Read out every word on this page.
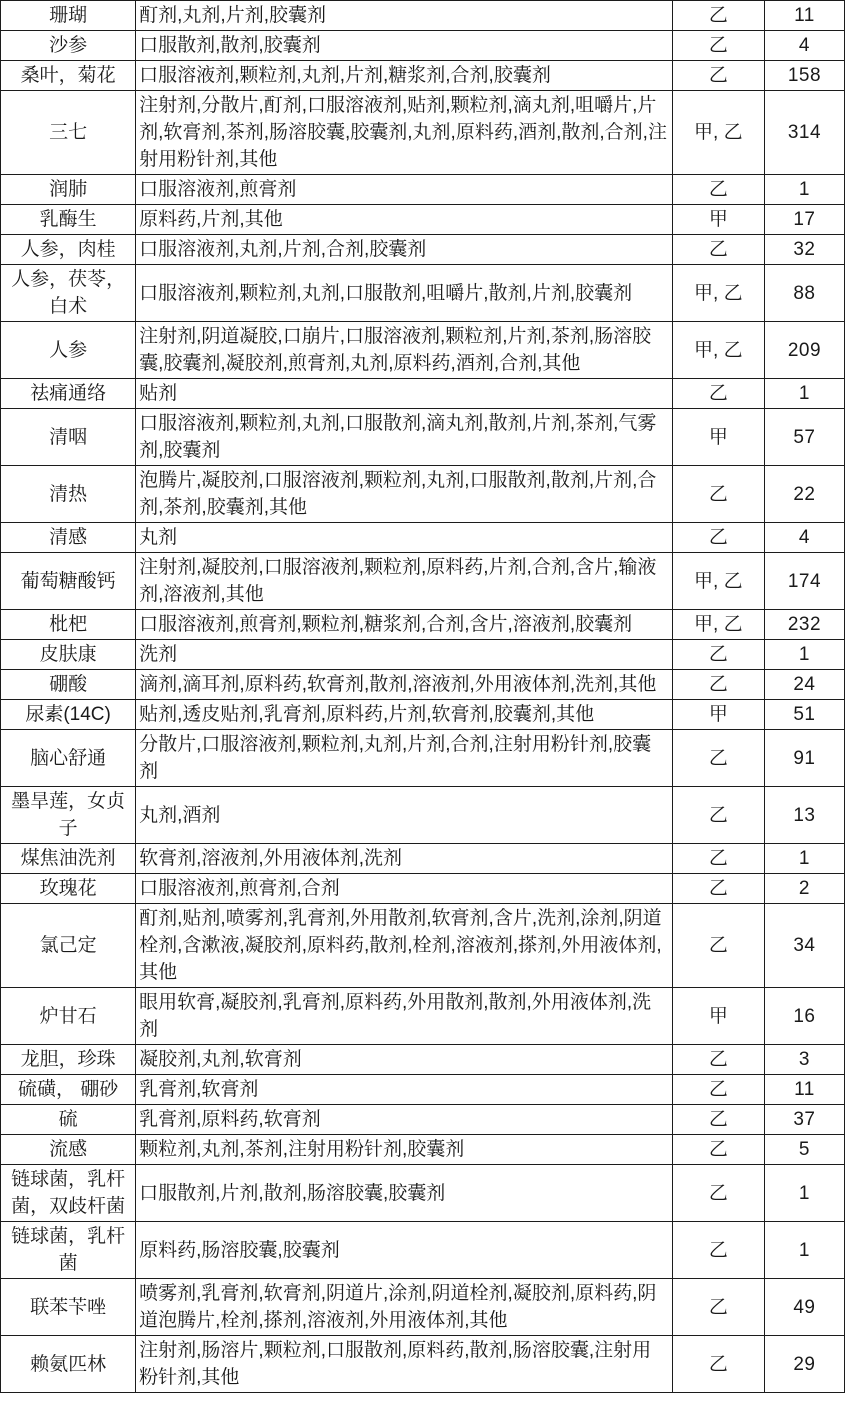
珊瑚	酊剂,丸剂,片剂,胶囊剂	乙	11
沙参	口服散剂,散剂,胶囊剂	乙	4
桑叶，菊花	口服溶液剂,颗粒剂,丸剂,片剂,糖浆剂,合剂,胶囊剂	乙	158
三七	注射剂,分散片,酊剂,口服溶液剂,贴剂,颗粒剂,滴丸剂,咀嚼片,片剂,软膏剂,茶剂,肠溶胶囊,胶囊剂,丸剂,原料药,酒剂,散剂,合剂,注射用粉针剂,其他	甲, 乙	314
润肺	口服溶液剂,煎膏剂	乙	1
乳酶生	原料药,片剂,其他	甲	17
人参，肉桂	口服溶液剂,丸剂,片剂,合剂,胶囊剂	乙	32
人参，茯苓，白术	口服溶液剂,颗粒剂,丸剂,口服散剂,咀嚼片,散剂,片剂,胶囊剂	甲, 乙	88
人参	注射剂,阴道凝胶,口崩片,口服溶液剂,颗粒剂,片剂,茶剂,肠溶胶囊,胶囊剂,凝胶剂,煎膏剂,丸剂,原料药,酒剂,合剂,其他	甲, 乙	209
祛痛通络	贴剂	乙	1
清咽	口服溶液剂,颗粒剂,丸剂,口服散剂,滴丸剂,散剂,片剂,茶剂,气雾剂,胶囊剂	甲	57
清热	泡腾片,凝胶剂,口服溶液剂,颗粒剂,丸剂,口服散剂,散剂,片剂,合剂,茶剂,胶囊剂,其他	乙	22
清感	丸剂	乙	4
葡萄糖酸钙	注射剂,凝胶剂,口服溶液剂,颗粒剂,原料药,片剂,合剂,含片,输液剂,溶液剂,其他	甲, 乙	174
枇杷	口服溶液剂,煎膏剂,颗粒剂,糖浆剂,合剂,含片,溶液剂,胶囊剂	甲, 乙	232
皮肤康	洗剂	乙	1
硼酸	滴剂,滴耳剂,原料药,软膏剂,散剂,溶液剂,外用液体剂,洗剂,其他	乙	24
尿素(14C)	贴剂,透皮贴剂,乳膏剂,原料药,片剂,软膏剂,胶囊剂,其他	甲	51
脑心舒通	分散片,口服溶液剂,颗粒剂,丸剂,片剂,合剂,注射用粉针剂,胶囊剂	乙	91
墨旱莲，女贞子	丸剂,酒剂	乙	13
煤焦油洗剂	软膏剂,溶液剂,外用液体剂,洗剂	乙	1
玫瑰花	口服溶液剂,煎膏剂,合剂	乙	2
氯己定	酊剂,贴剂,喷雾剂,乳膏剂,外用散剂,软膏剂,含片,洗剂,涂剂,阴道栓剂,含漱液,凝胶剂,原料药,散剂,栓剂,溶液剂,搽剂,外用液体剂,其他	乙	34
炉甘石	眼用软膏,凝胶剂,乳膏剂,原料药,外用散剂,散剂,外用液体剂,洗剂	甲	16
龙胆，珍珠	凝胶剂,丸剂,软膏剂	乙	3
硫磺， 硼砂	乳膏剂,软膏剂	乙	11
硫	乳膏剂,原料药,软膏剂	乙	37
流感	颗粒剂,丸剂,茶剂,注射用粉针剂,胶囊剂	乙	5
链球菌，乳杆菌，双歧杆菌	口服散剂,片剂,散剂,肠溶胶囊,胶囊剂	乙	1
链球菌，乳杆菌	原料药,肠溶胶囊,胶囊剂	乙	1
联苯苄唑	喷雾剂,乳膏剂,软膏剂,阴道片,涂剂,阴道栓剂,凝胶剂,原料药,阴道泡腾片,栓剂,搽剂,溶液剂,外用液体剂,其他	乙	49
赖氨匹林	注射剂,肠溶片,颗粒剂,口服散剂,原料药,散剂,肠溶胶囊,注射用粉针剂,其他	乙	29
